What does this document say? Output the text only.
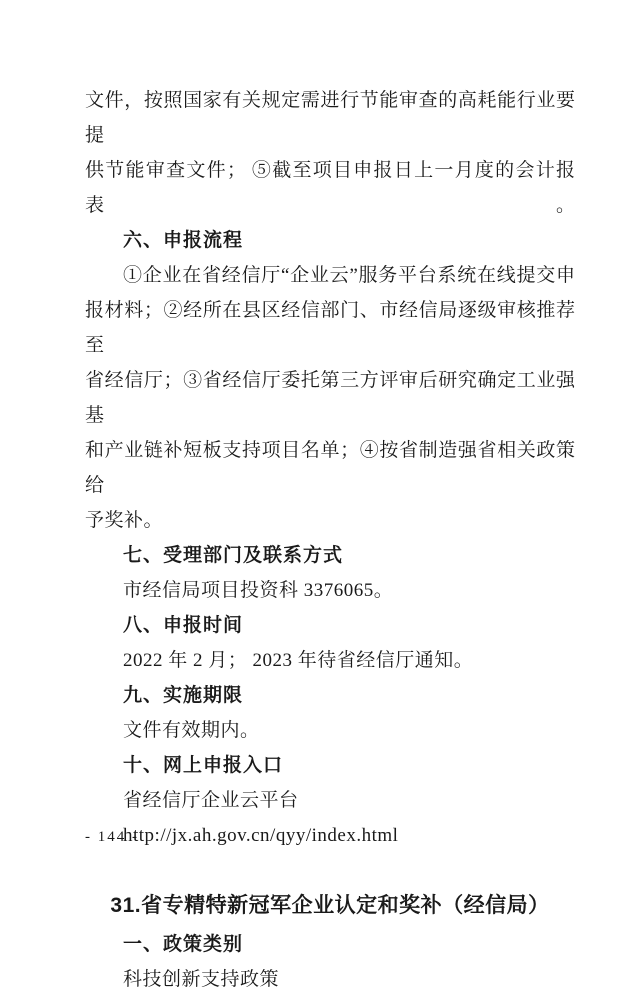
文件，按照国家有关规定需进行节能审查的高耗能行业要提

供节能审查文件； ⑤截至项目申报日上一月度的会计报表。

六、申报流程

①企业在省经信厅“企业云”服务平台系统在线提交申

报材料；②经所在县区经信部门、市经信局逐级审核推荐至

省经信厅；③省经信厅委托第三方评审后研究确定工业强基

和产业链补短板支持项目名单；④按省制造强省相关政策给

予奖补。

七、受理部门及联系方式

市经信局项目投资科 3376065。

八、申报时间

2022 年 2 月； 2023 年待省经信厅通知。

九、实施期限

文件有效期内。

十、网上申报入口

省经信厅企业云平台

http://jx.ah.gov.cn/qyy/index.html

31.省专精特新冠军企业认定和奖补（经信局）

一、政策类别

科技创新支持政策

- 144 -
